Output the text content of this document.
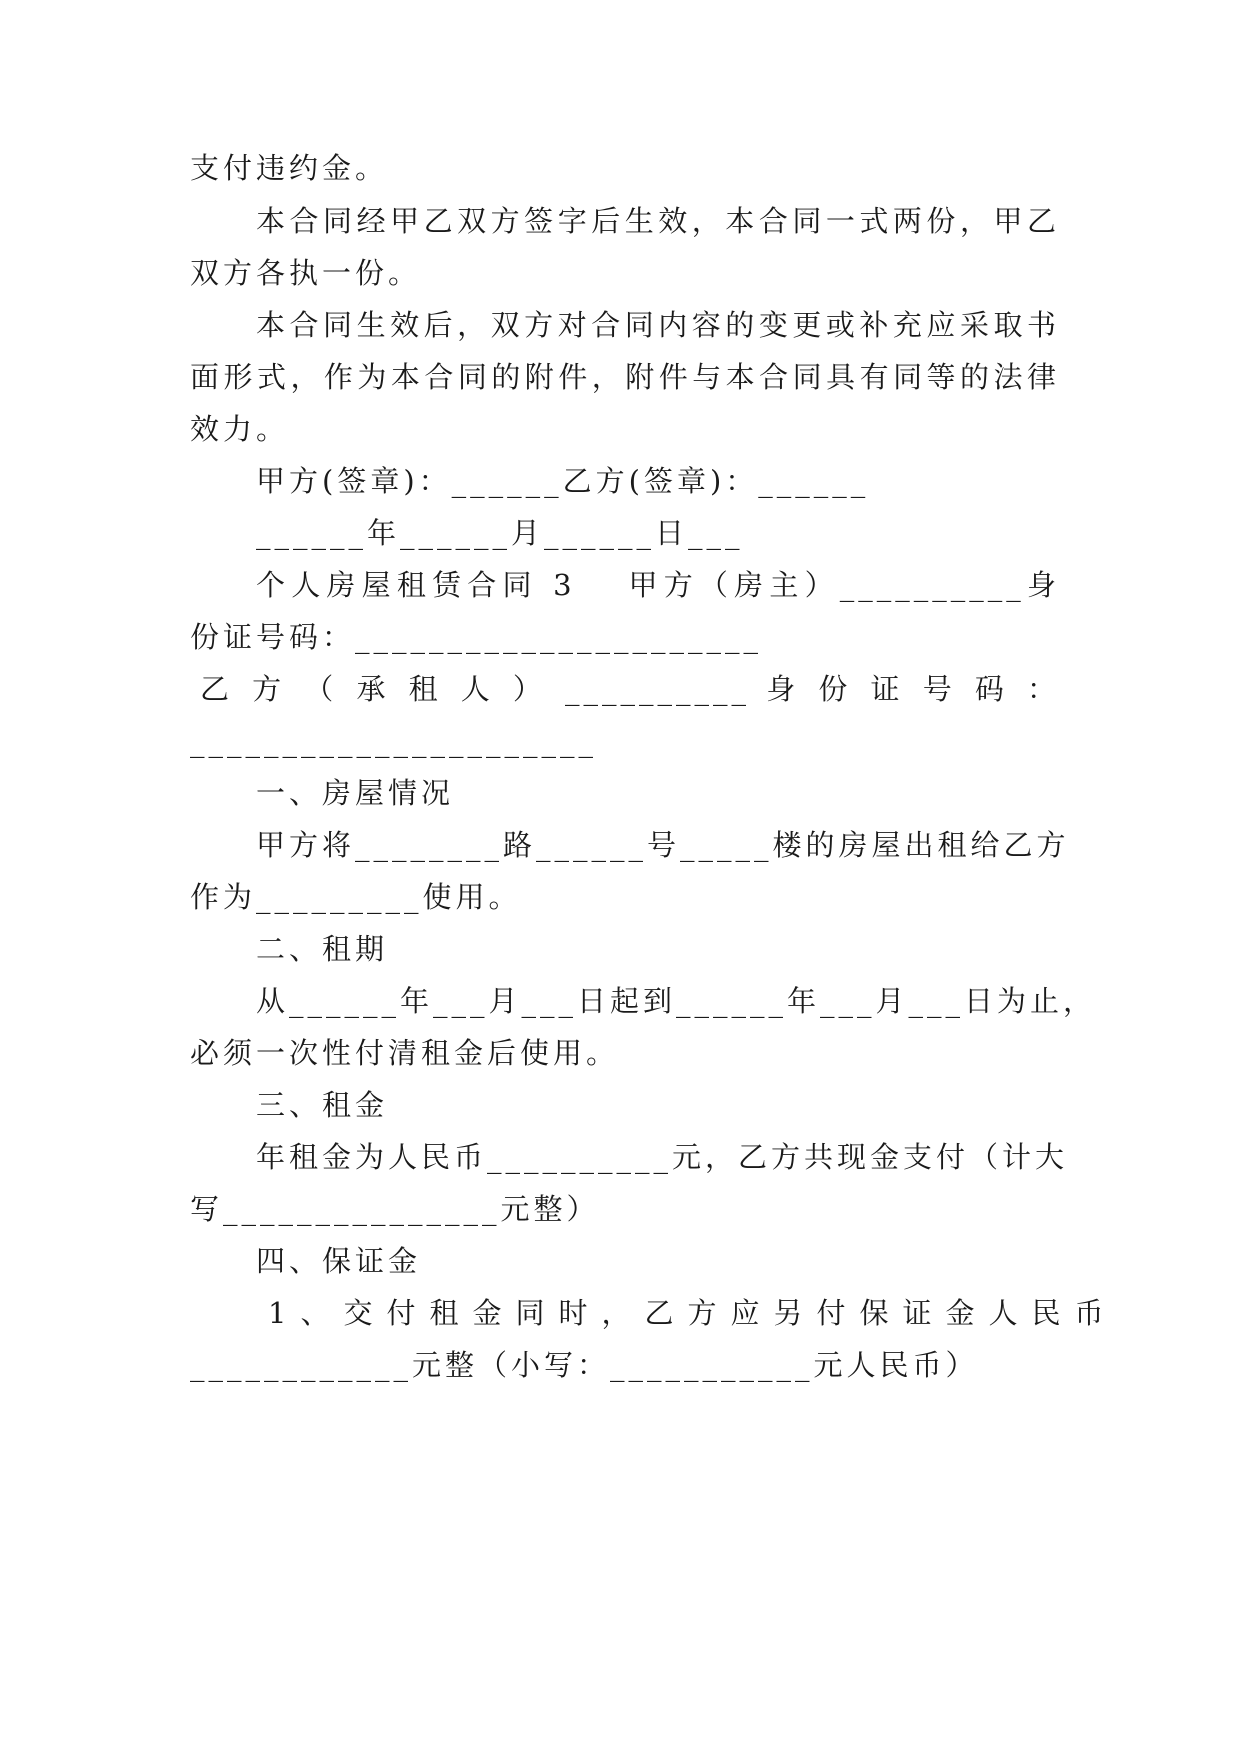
支付违约金。
本合同经甲乙双方签字后生效，本合同一式两份，甲乙
双方各执一份。
本合同生效后，双方对合同内容的变更或补充应采取书
面形式，作为本合同的附件，附件与本合同具有同等的法律
效力。
甲方(签章)：______乙方(签章)：______
______年______月______日___
个人房屋租赁合同 3　 甲方（房主）__________身
份证号码：______________________
乙 方 （ 承 租 人 ） __________ 身 份 证 号 码 ：
______________________
一、房屋情况
甲方将________路______号_____楼的房屋出租给乙方
作为_________使用。
二、租期
从______年___月___日起到______年___月___日为止，
必须一次性付清租金后使用。
三、租金
年租金为人民币__________元，乙方共现金支付（计大
写_______________元整）
四、保证金
1、交付租金同时，乙方应另付保证金人民币
____________元整（小写：___________元人民币）
